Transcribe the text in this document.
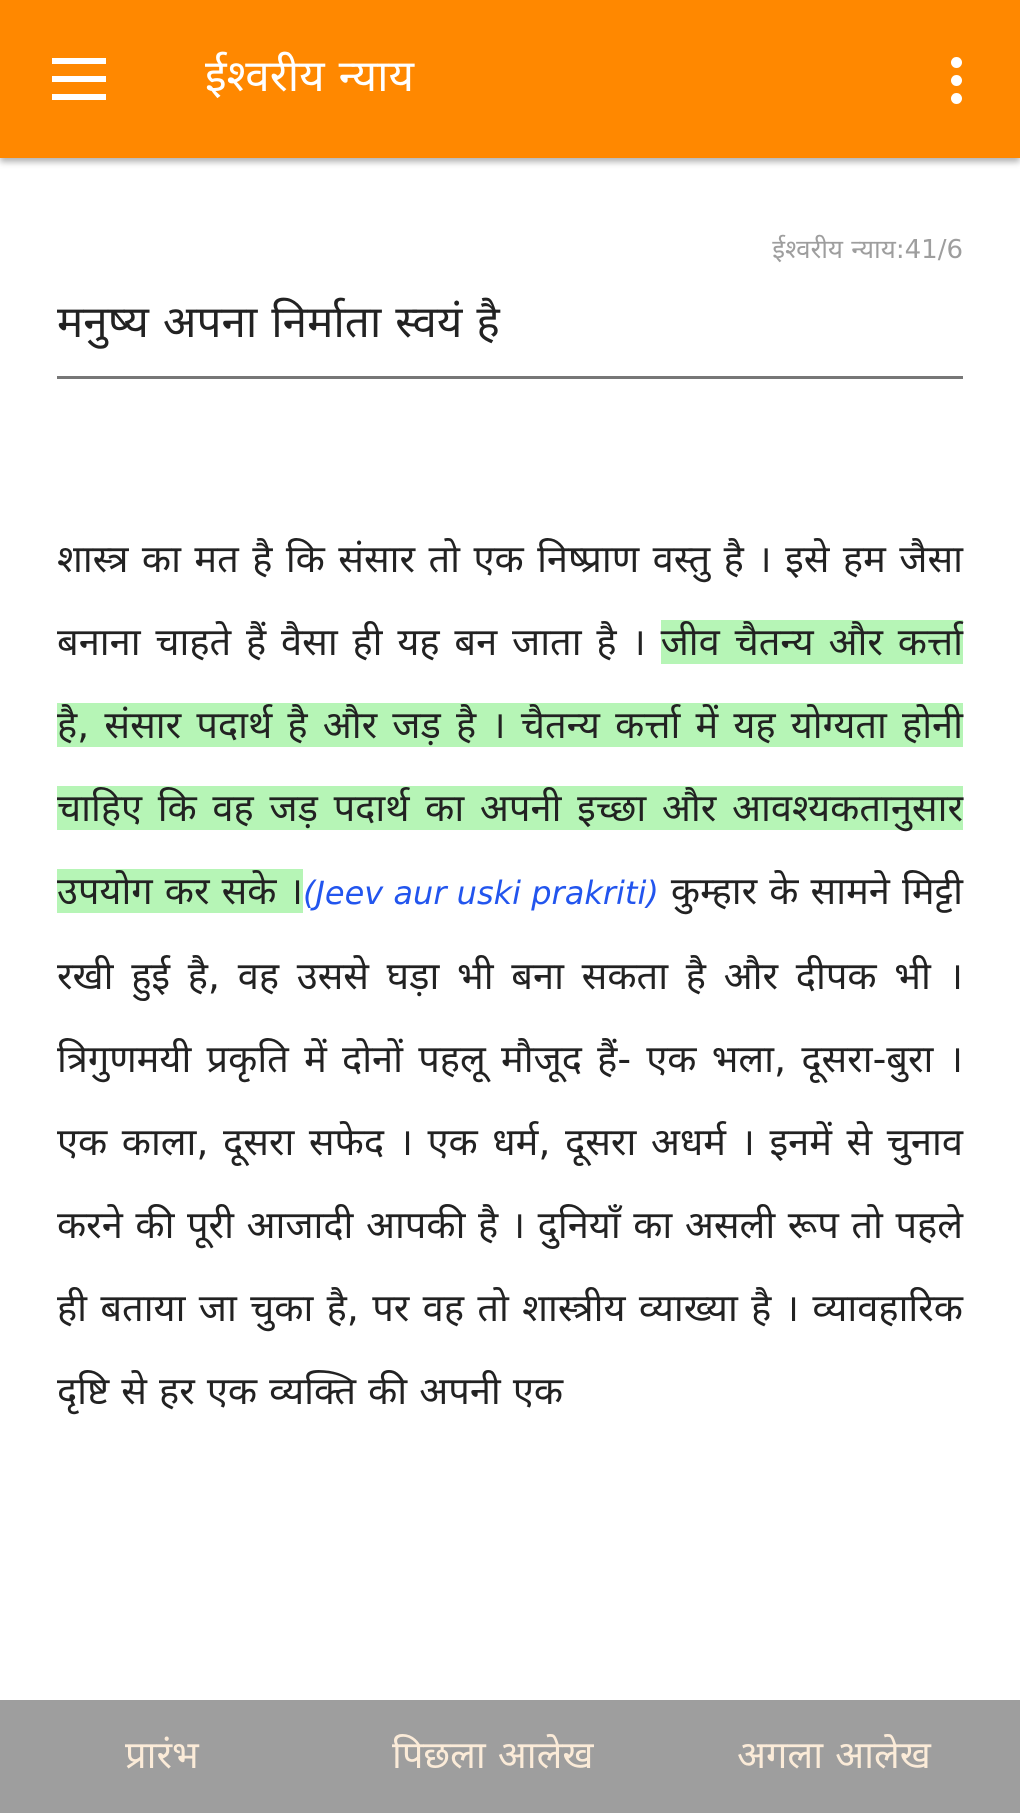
ईश्वरीय न्याय
ईश्वरीय न्याय:41/6
मनुष्य अपना निर्माता स्वयं है

शास्त्र का मत है कि संसार तो एक निष्प्राण वस्तु है । इसे हम जैसा बनाना चाहते हैं वैसा ही यह बन जाता है । जीव चैतन्य और कर्त्ता है, संसार पदार्थ है और जड़ है । चैतन्य कर्त्ता में यह योग्यता होनी चाहिए कि वह जड़ पदार्थ का अपनी इच्छा और आवश्यकतानुसार उपयोग कर सके ।(Jeev aur uski prakriti) कुम्हार के सामने मिट्टी रखी हुई है, वह उससे घड़ा भी बना सकता है और दीपक भी । त्रिगुणमयी प्रकृति में दोनों पहलू मौजूद हैं- एक भला, दूसरा-बुरा । एक काला, दूसरा सफेद । एक धर्म, दूसरा अधर्म । इनमें से चुनाव करने की पूरी आजादी आपकी है । दुनियाँ का असली रूप तो पहले ही बताया जा चुका है, पर वह तो शास्त्रीय व्याख्या है । व्यावहारिक दृष्टि से हर एक व्यक्ति की अपनी एक

प्रारंभ	पिछला आलेख	अगला आलेख
